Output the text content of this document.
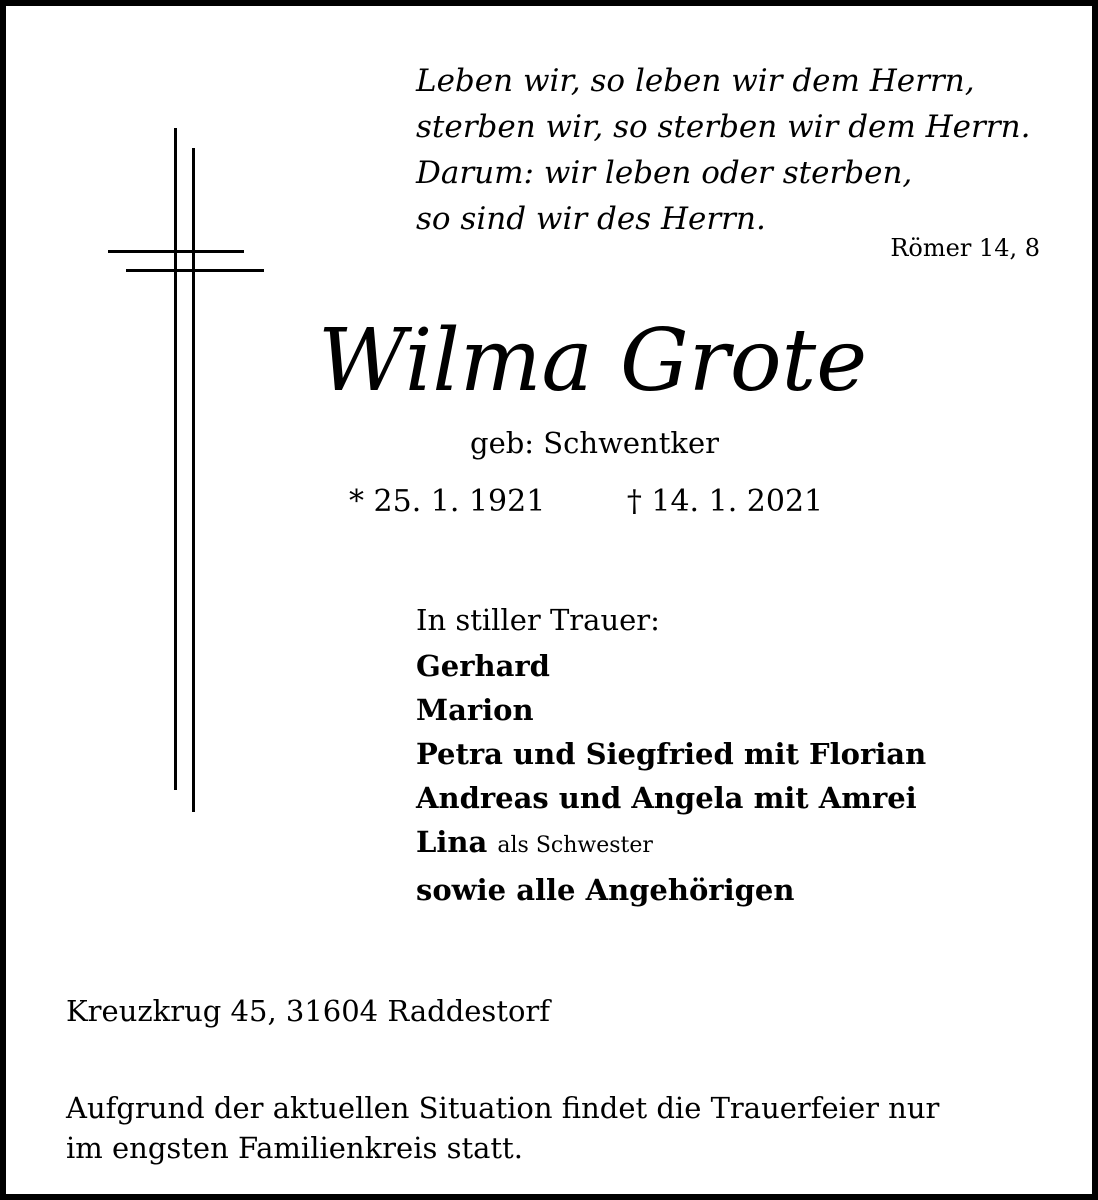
Leben wir, so leben wir dem Herrn,
sterben wir, so sterben wir dem Herrn.
Darum: wir leben oder sterben,
so sind wir des Herrn.
Römer 14, 8
Wilma Grote
geb: Schwentker
* 25. 1. 1921	† 14. 1. 2021
In stiller Trauer:
Gerhard
Marion
Petra und Siegfried mit Florian
Andreas und Angela mit Amrei
Lina als Schwester
sowie alle Angehörigen
Kreuzkrug 45, 31604 Raddestorf
Aufgrund der aktuellen Situation findet die Trauerfeier nur
im engsten Familienkreis statt.
